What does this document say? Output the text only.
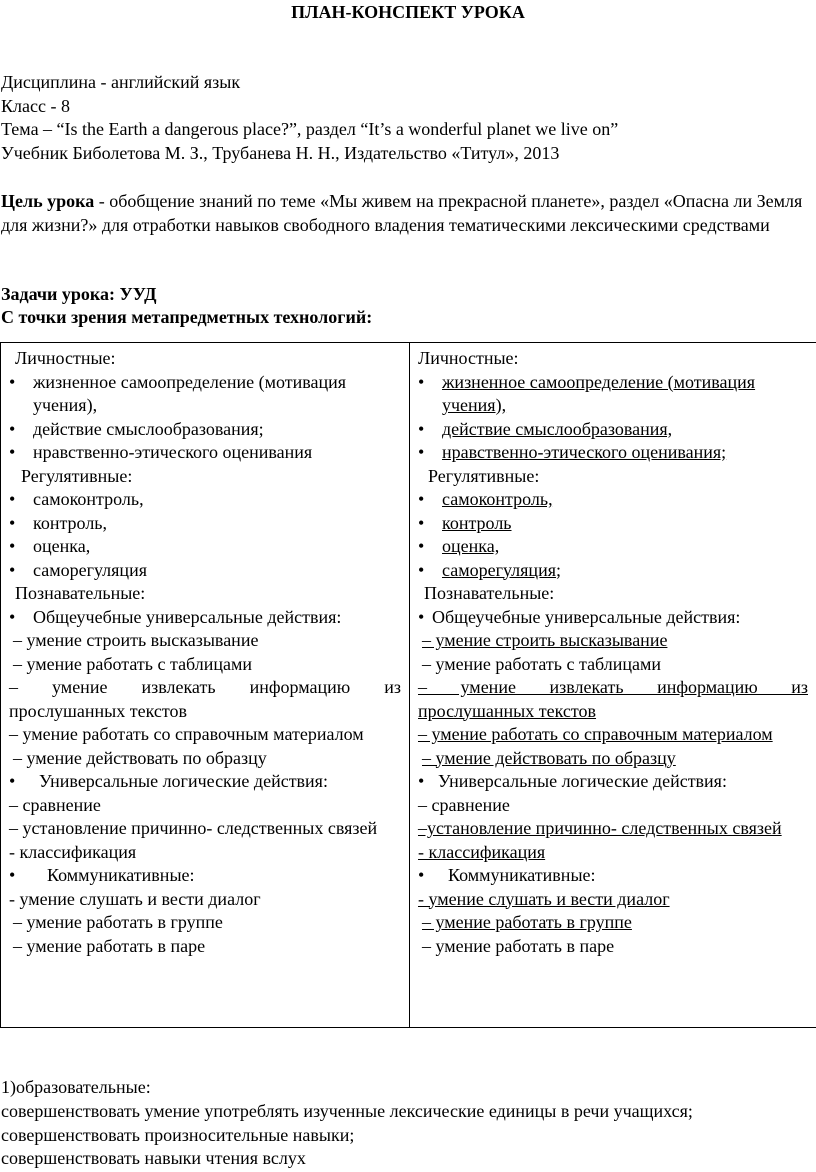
ПЛАН-КОНСПЕКТ УРОКА
Дисциплина - английский язык
Класс - 8
Тема – “Is the Earth a dangerous place?”, раздел “It’s a wonderful planet we live on”
Учебник Биболетова М. З., Трубанева Н. Н., Издательство «Титул», 2013
Цель урока - обобщение знаний по теме «Мы живем на прекрасной планете», раздел «Опасна ли Земля для жизни?» для отработки навыков свободного владения тематическими лексическими средствами
Задачи урока: УУД
С точки зрения метапредметных технологий:
Личностные:
• жизненное самоопределение (мотивация учения),
• действие смыслообразования;
• нравственно-этического оценивания
Регулятивные:
• самоконтроль,
• контроль,
• оценка,
• саморегуляция
Познавательные:
• Общеучебные универсальные действия:
– умение строить высказывание
– умение работать с таблицами
– умение извлекать информацию из прослушанных текстов
– умение работать со справочным материалом
– умение действовать по образцу
• Универсальные логические действия:
– сравнение
– установление причинно- следственных связей
- классификация
• Коммуникативные:
- умение слушать и вести диалог
– умение работать в группе
– умение работать в паре

Личностные:
• жизненное самоопределение (мотивация учения),
• действие смыслообразования,
• нравственно-этического оценивания;
Регулятивные:
• самоконтроль,
• контроль
• оценка,
• саморегуляция;
Познавательные:
• Общеучебные универсальные действия:
– умение строить высказывание
– умение работать с таблицами
– умение извлекать информацию из прослушанных текстов
– умение работать со справочным материалом
– умение действовать по образцу
• Универсальные логические действия:
– сравнение
–установление причинно- следственных связей
- классификация
• Коммуникативные:
- умение слушать и вести диалог
– умение работать в группе
– умение работать в паре
1)образовательные:
совершенствовать умение употреблять изученные лексические единицы в речи учащихся;
совершенствовать произносительные навыки;
совершенствовать навыки чтения вслух
